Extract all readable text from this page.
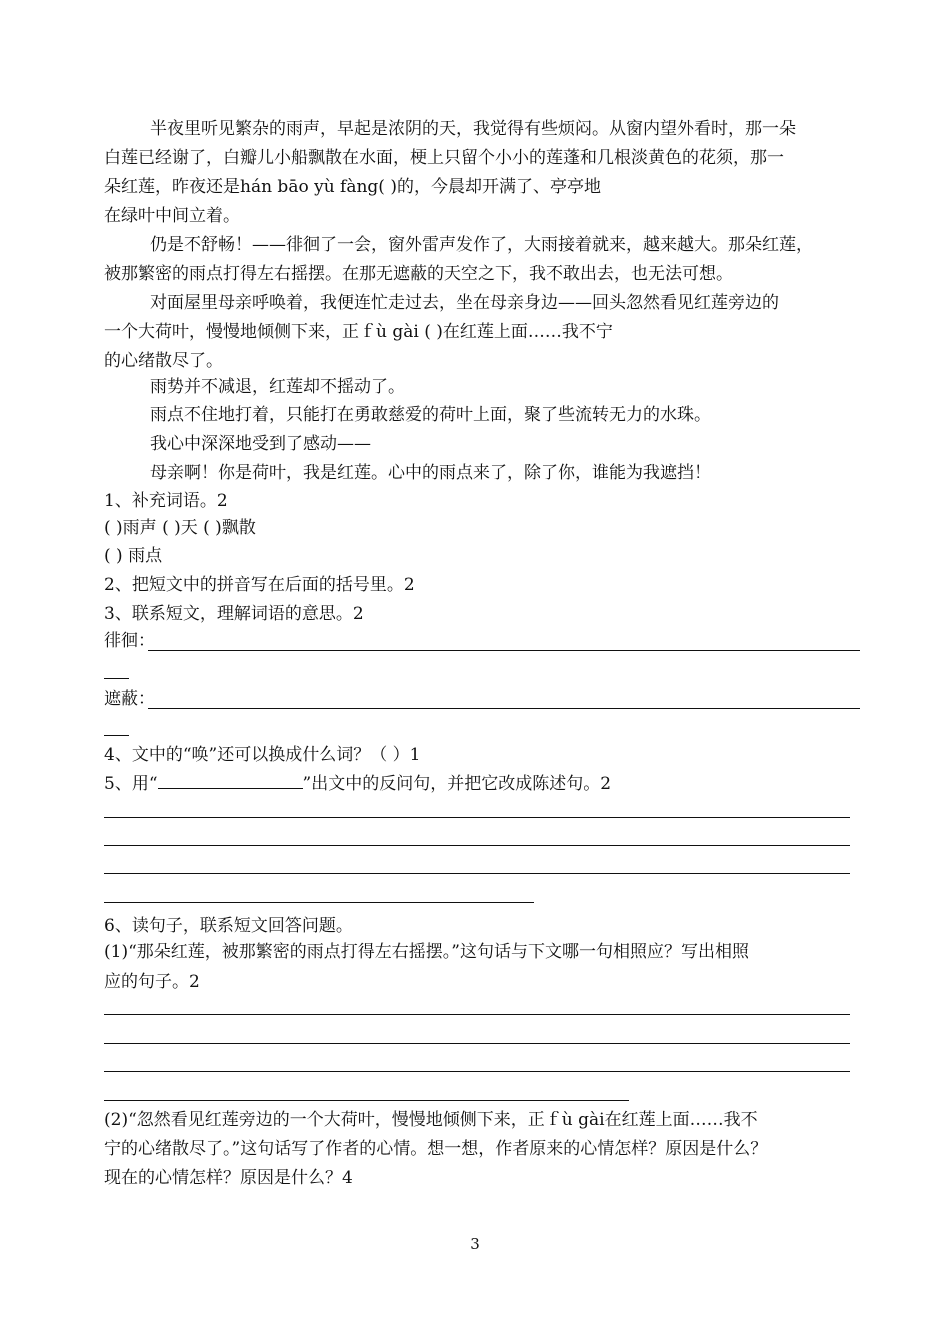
半夜里听见繁杂的雨声，早起是浓阴的天，我觉得有些烦闷。从窗内望外看时，那一朵
白莲已经谢了，白瓣儿小船飘散在水面，梗上只留个小小的莲蓬和几根淡黄色的花须，那一
朵红莲，昨夜还是hán bāo yù fàng( )的，今晨却开满了、亭亭地
在绿叶中间立着。
仍是不舒畅！——徘徊了一会，窗外雷声发作了，大雨接着就来，越来越大。那朵红莲，
被那繁密的雨点打得左右摇摆。在那无遮蔽的天空之下，我不敢出去，也无法可想。
对面屋里母亲呼唤着，我便连忙走过去，坐在母亲身边——回头忽然看见红莲旁边的
一个大荷叶，慢慢地倾侧下来，正ｆù gài ( )在红莲上面……我不宁
的心绪散尽了。
雨势并不减退，红莲却不摇动了。
雨点不住地打着，只能打在勇敢慈爱的荷叶上面，聚了些流转无力的水珠。
我心中深深地受到了感动——
母亲啊！你是荷叶，我是红莲。心中的雨点来了，除了你，谁能为我遮挡！
1、补充词语。2
( )雨声 ( )天 ( )飘散
( ) 雨点
2、把短文中的拼音写在后面的括号里。2
3、联系短文，理解词语的意思。2
徘徊：
遮蔽：
4、文中的“唤”还可以换成什么词？（ ）1
5、用“	”出文中的反问句，并把它改成陈述句。2
6、读句子，联系短文回答问题。
(1)“那朵红莲，被那繁密的雨点打得左右摇摆。”这句话与下文哪一句相照应？写出相照
应的句子。2
(2)“忽然看见红莲旁边的一个大荷叶，慢慢地倾侧下来，正ｆù gài在红莲上面……我不
宁的心绪散尽了。”这句话写了作者的心情。想一想，作者原来的心情怎样？原因是什么？
现在的心情怎样？原因是什么？4
3
